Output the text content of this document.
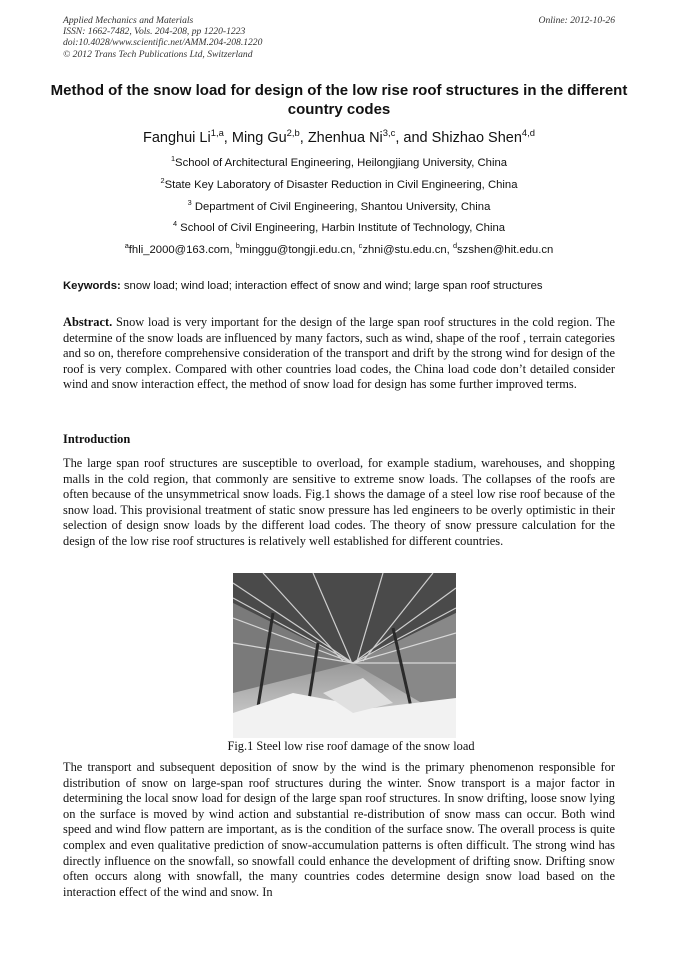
Applied Mechanics and Materials
ISSN: 1662-7482, Vols. 204-208, pp 1220-1223
doi:10.4028/www.scientific.net/AMM.204-208.1220
© 2012 Trans Tech Publications Ltd, Switzerland
Online: 2012-10-26
Method of the snow load for design of the low rise roof structures in the different country codes
Fanghui Li$^{1,a}$, Ming Gu$^{2,b}$, Zhenhua Ni$^{3,c}$, and Shizhao Shen$^{4,d}$
$^1$School of Architectural Engineering, Heilongjiang University, China
$^2$State Key Laboratory of Disaster Reduction in Civil Engineering, China
$^3$ Department of Civil Engineering, Shantou University, China
$^4$ School of Civil Engineering, Harbin Institute of Technology, China
$^a$fhli_2000@163.com, $^b$minggu@tongji.edu.cn, $^c$zhni@stu.edu.cn, $^d$szshen@hit.edu.cn
Keywords: snow load; wind load; interaction effect of snow and wind; large span roof structures
Abstract. Snow load is very important for the design of the large span roof structures in the cold region. The determine of the snow loads are influenced by many factors, such as wind, shape of the roof , terrain categories and so on, therefore comprehensive consideration of the transport and drift by the strong wind for design of the roof is very complex. Compared with other countries load codes, the China load code don’t detailed consider wind and snow interaction effect, the method of snow load for design has some further improved terms.
Introduction
The large span roof structures are susceptible to overload, for example stadium, warehouses, and shopping malls in the cold region, that commonly are sensitive to extreme snow loads. The collapses of the roofs are often because of the unsymmetrical snow loads. Fig.1 shows the damage of a steel low rise roof because of the snow load. This provisional treatment of static snow pressure has led engineers to be overly optimistic in their selection of design snow loads by the different load codes. The theory of snow pressure calculation for the design of the low rise roof structures is relatively well established for different countries.
Fig.1 Steel low rise roof damage of the snow load
The transport and subsequent deposition of snow by the wind is the primary phenomenon responsible for distribution of snow on large-span roof structures during the winter. Snow transport is a major factor in determining the local snow load for design of the large span roof structures. In snow drifting, loose snow lying on the surface is moved by wind action and substantial re-distribution of snow mass can occur. Both wind speed and wind flow pattern are important, as is the condition of the surface snow. The overall process is quite complex and even qualitative prediction of snow-accumulation patterns is often difficult. The strong wind has directly influence on the snowfall, so snowfall could enhance the development of drifting snow. Drifting snow often occurs along with snowfall, the many countries codes determine design snow load based on the interaction effect of the wind and snow. In
